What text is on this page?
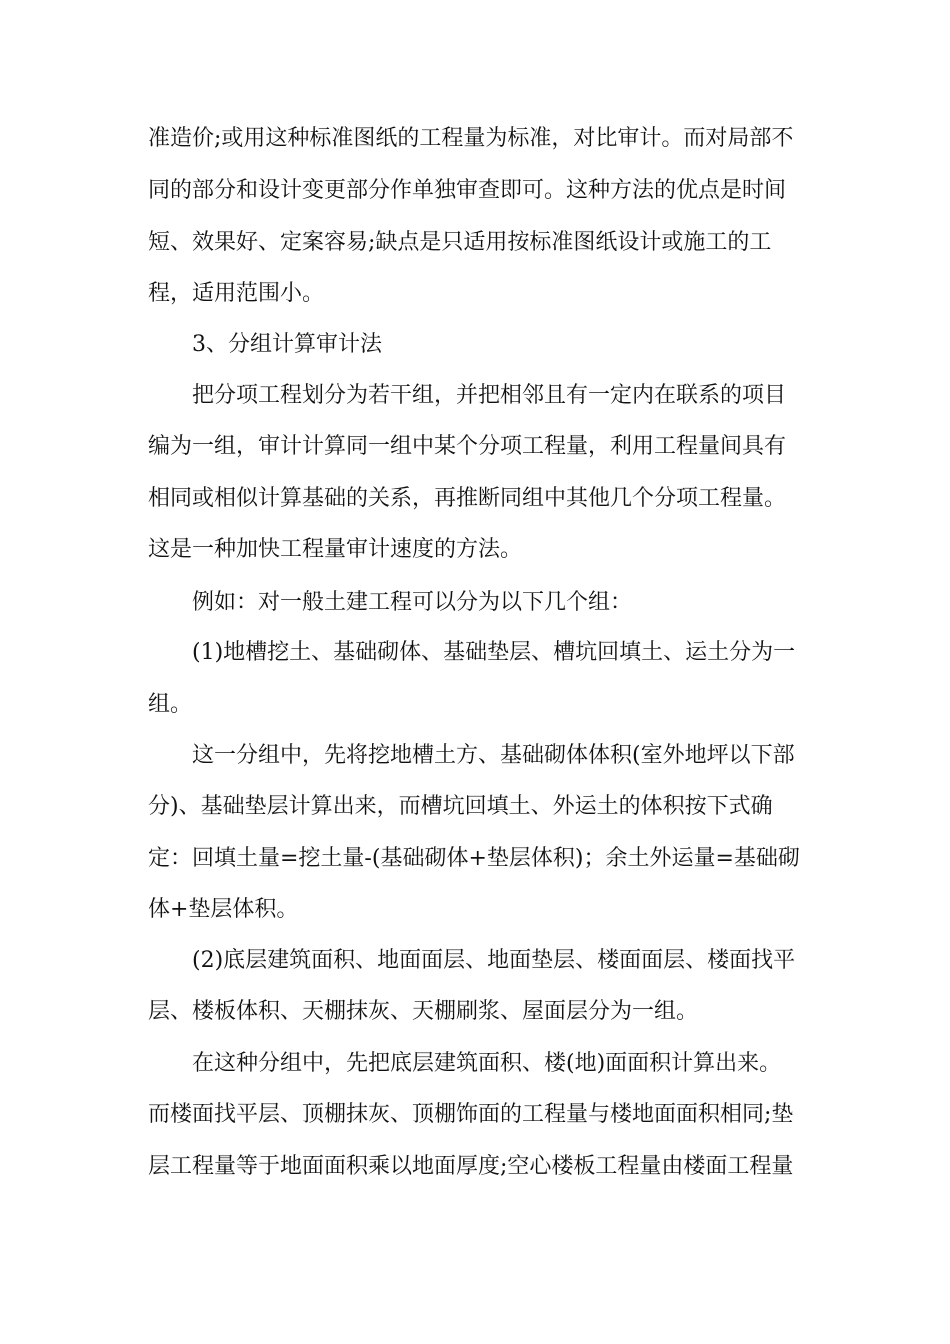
准造价;或用这种标准图纸的工程量为标准，对比审计。而对局部不
同的部分和设计变更部分作单独审查即可。这种方法的优点是时间
短、效果好、定案容易;缺点是只适用按标准图纸设计或施工的工
程，适用范围小。
3、分组计算审计法
把分项工程划分为若干组，并把相邻且有一定内在联系的项目
编为一组，审计计算同一组中某个分项工程量，利用工程量间具有
相同或相似计算基础的关系，再推断同组中其他几个分项工程量。
这是一种加快工程量审计速度的方法。
例如：对一般土建工程可以分为以下几个组：
(1)地槽挖土、基础砌体、基础垫层、槽坑回填土、运土分为一
组。
这一分组中，先将挖地槽土方、基础砌体体积(室外地坪以下部
分)、基础垫层计算出来，而槽坑回填土、外运土的体积按下式确
定：回填土量=挖土量-(基础砌体+垫层体积)；余土外运量=基础砌
体+垫层体积。
(2)底层建筑面积、地面面层、地面垫层、楼面面层、楼面找平
层、楼板体积、天棚抹灰、天棚刷浆、屋面层分为一组。
在这种分组中，先把底层建筑面积、楼(地)面面积计算出来。
而楼面找平层、顶棚抹灰、顶棚饰面的工程量与楼地面面积相同;垫
层工程量等于地面面积乘以地面厚度;空心楼板工程量由楼面工程量
